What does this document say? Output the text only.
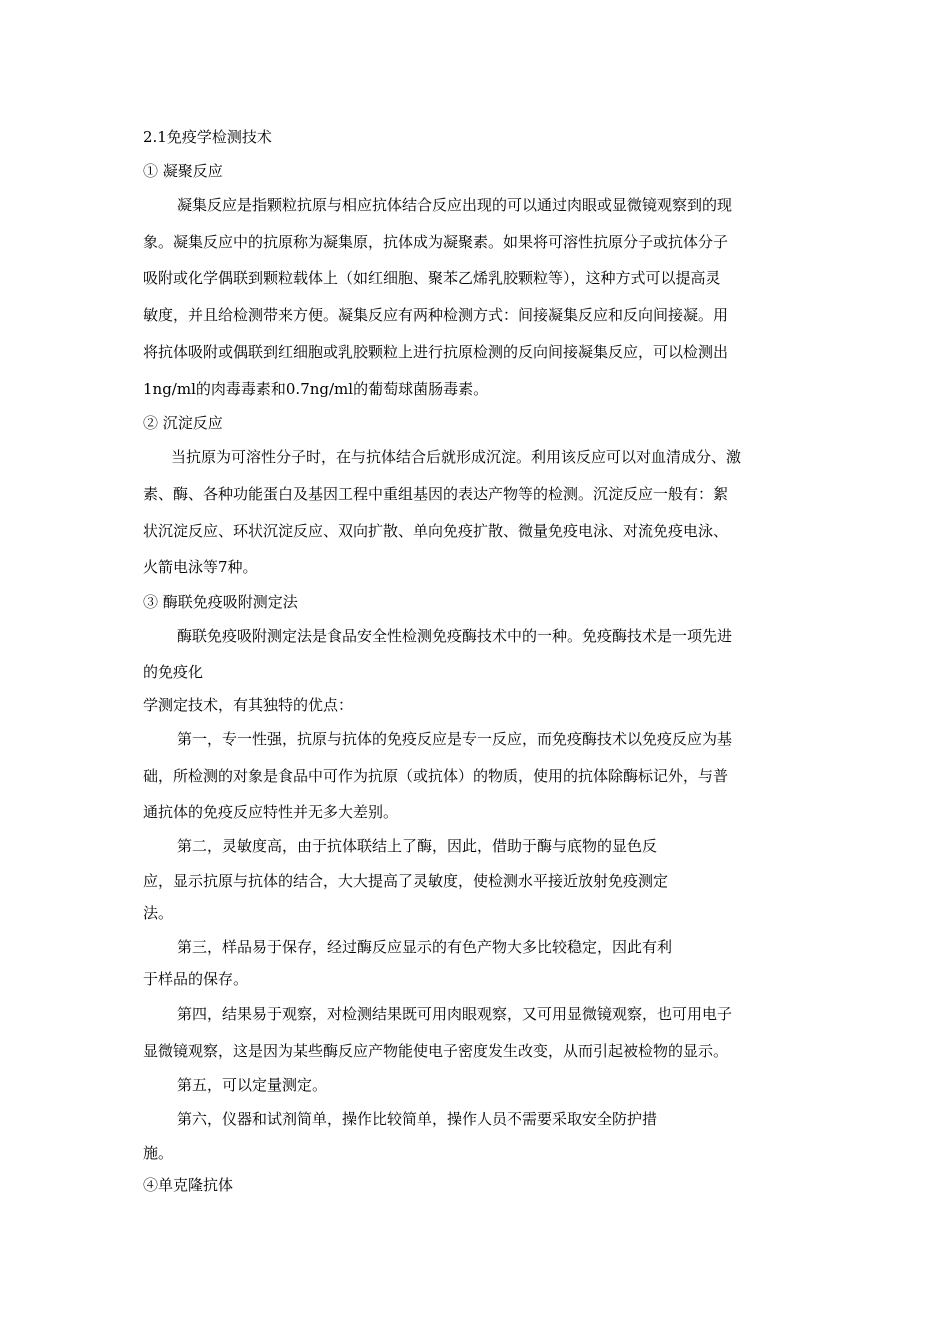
2.1免疫学检测技术
① 凝聚反应
凝集反应是指颗粒抗原与相应抗体结合反应出现的可以通过肉眼或显微镜观察到的现
象。凝集反应中的抗原称为凝集原，抗体成为凝聚素。如果将可溶性抗原分子或抗体分子
吸附或化学偶联到颗粒载体上（如红细胞、聚苯乙烯乳胶颗粒等），这种方式可以提高灵
敏度，并且给检测带来方便。凝集反应有两种检测方式：间接凝集反应和反向间接凝。用
将抗体吸附或偶联到红细胞或乳胶颗粒上进行抗原检测的反向间接凝集反应，可以检测出
1ng/ml的肉毒毒素和0.7ng/ml的葡萄球菌肠毒素。
② 沉淀反应
当抗原为可溶性分子时，在与抗体结合后就形成沉淀。利用该反应可以对血清成分、激
素、酶、各种功能蛋白及基因工程中重组基因的表达产物等的检测。沉淀反应一般有：絮
状沉淀反应、环状沉淀反应、双向扩散、单向免疫扩散、微量免疫电泳、对流免疫电泳、
火箭电泳等7种。
③ 酶联免疫吸附测定法
酶联免疫吸附测定法是食品安全性检测免疫酶技术中的一种。免疫酶技术是一项先进
的免疫化
学测定技术，有其独特的优点：
第一，专一性强，抗原与抗体的免疫反应是专一反应，而免疫酶技术以免疫反应为基
础，所检测的对象是食品中可作为抗原（或抗体）的物质，使用的抗体除酶标记外，与普
通抗体的免疫反应特性并无多大差别。
第二，灵敏度高，由于抗体联结上了酶，因此，借助于酶与底物的显色反
应，显示抗原与抗体的结合，大大提高了灵敏度，使检测水平接近放射免疫测定
法。
第三，样品易于保存，经过酶反应显示的有色产物大多比较稳定，因此有利
于样品的保存。
第四，结果易于观察，对检测结果既可用肉眼观察，又可用显微镜观察，也可用电子
显微镜观察，这是因为某些酶反应产物能使电子密度发生改变，从而引起被检物的显示。
第五，可以定量测定。
第六，仪器和试剂简单，操作比较简单，操作人员不需要采取安全防护措
施。
④单克隆抗体
